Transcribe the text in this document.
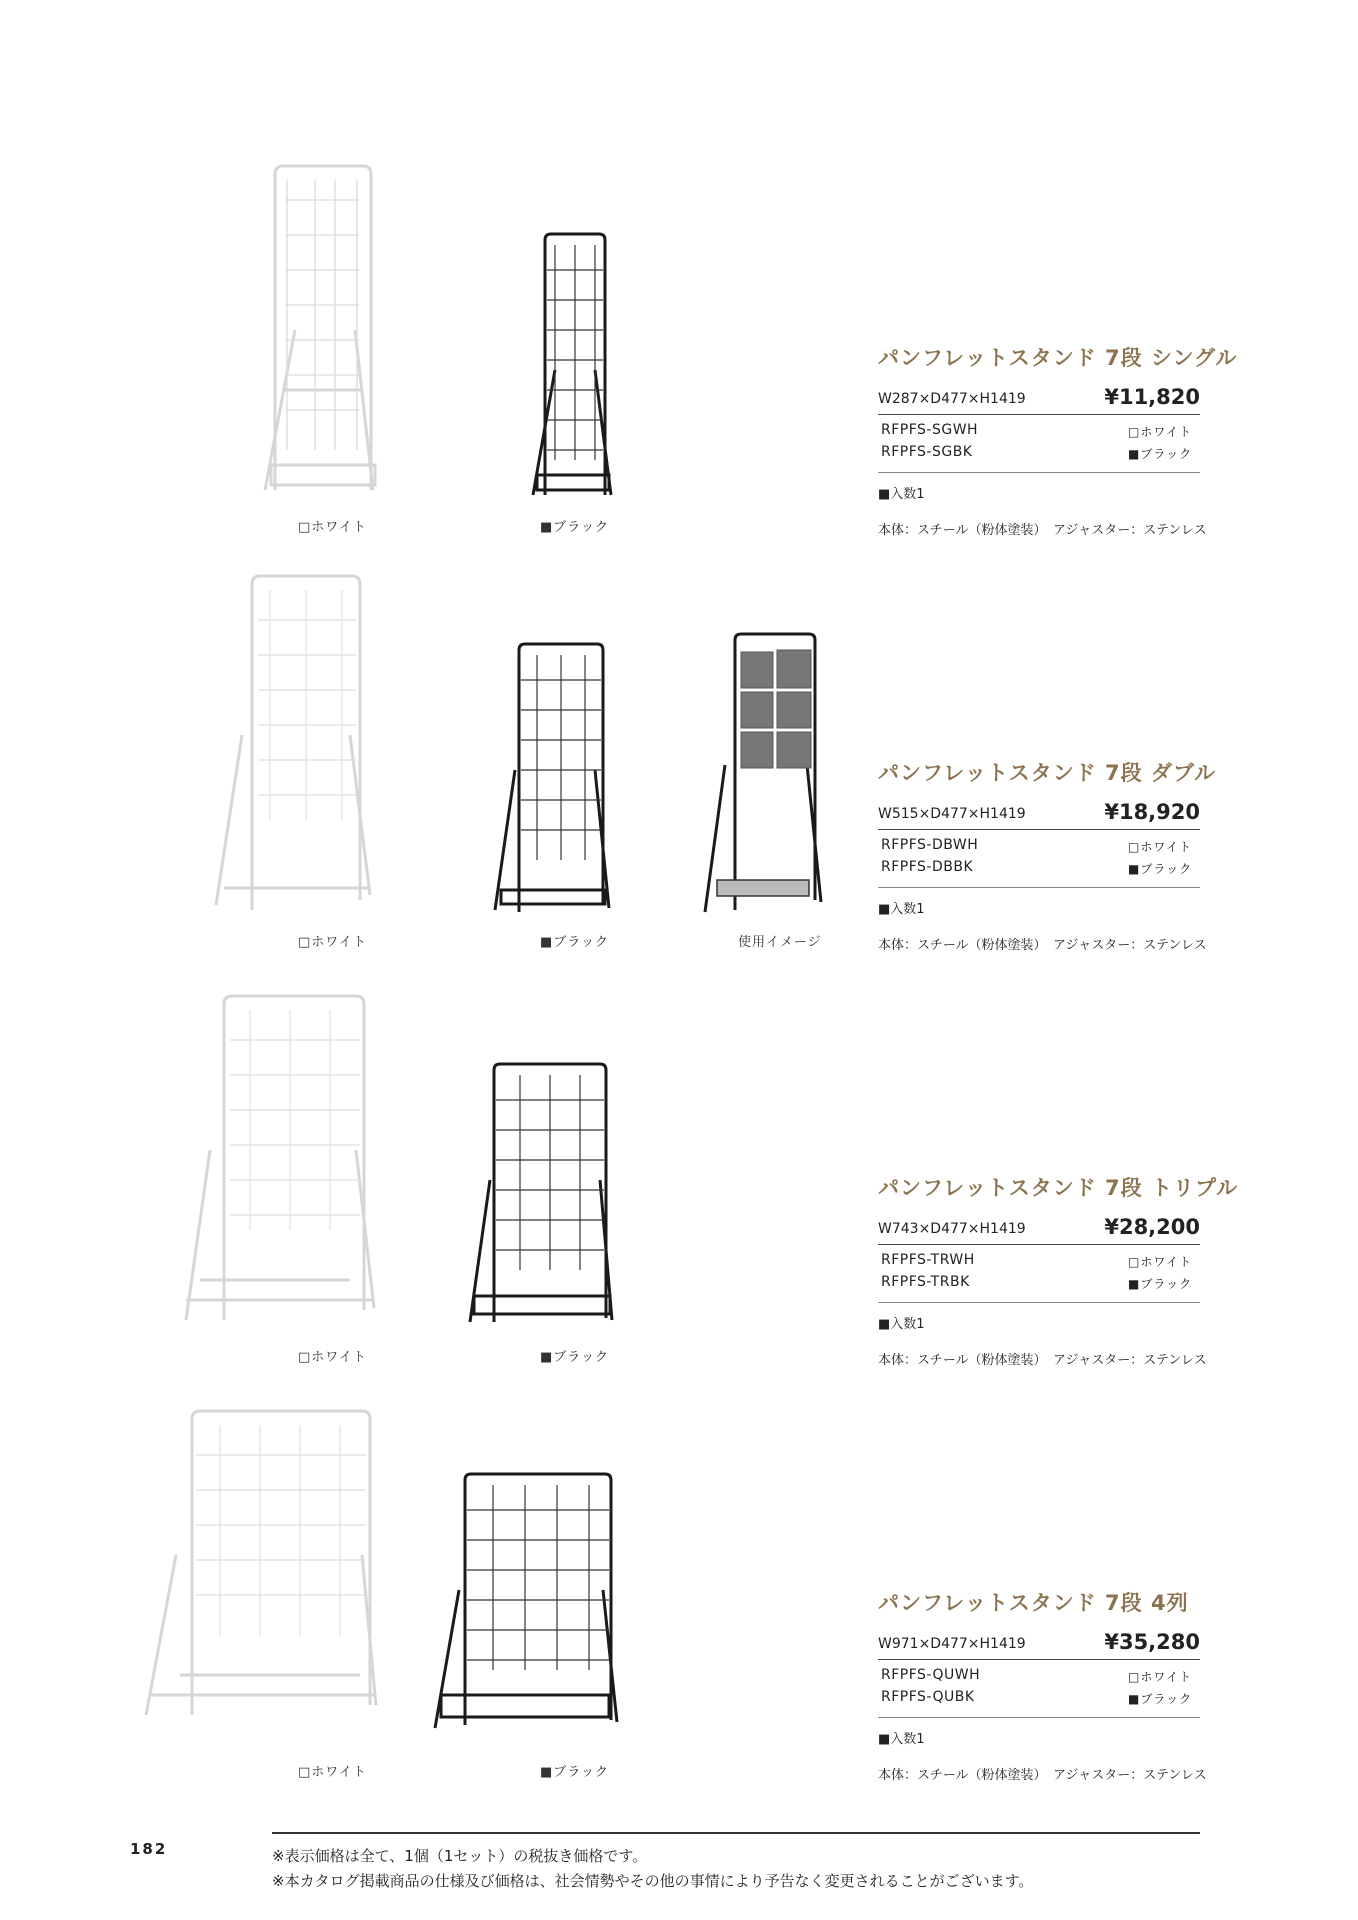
□ホワイト	■ブラック
パンフレットスタンド 7段 シングル
W287×D477×H1419	¥11,820
RFPFS-SGWH	□ホワイト
RFPFS-SGBK	■ブラック
■入数1
本体：スチール（粉体塗装）　アジャスター：ステンレス
□ホワイト	■ブラック	使用イメージ
パンフレットスタンド 7段 ダブル
W515×D477×H1419	¥18,920
RFPFS-DBWH	□ホワイト
RFPFS-DBBK	■ブラック
■入数1
本体：スチール（粉体塗装）　アジャスター：ステンレス
□ホワイト	■ブラック
パンフレットスタンド 7段 トリプル
W743×D477×H1419	¥28,200
RFPFS-TRWH	□ホワイト
RFPFS-TRBK	■ブラック
■入数1
本体：スチール（粉体塗装）　アジャスター：ステンレス
□ホワイト	■ブラック
パンフレットスタンド 7段 4列
W971×D477×H1419	¥35,280
RFPFS-QUWH	□ホワイト
RFPFS-QUBK	■ブラック
■入数1
本体：スチール（粉体塗装）　アジャスター：ステンレス
182	※表示価格は全て、1個（1セット）の税抜き価格です。
※本カタログ掲載商品の仕様及び価格は、社会情勢やその他の事情により予告なく変更されることがございます。
